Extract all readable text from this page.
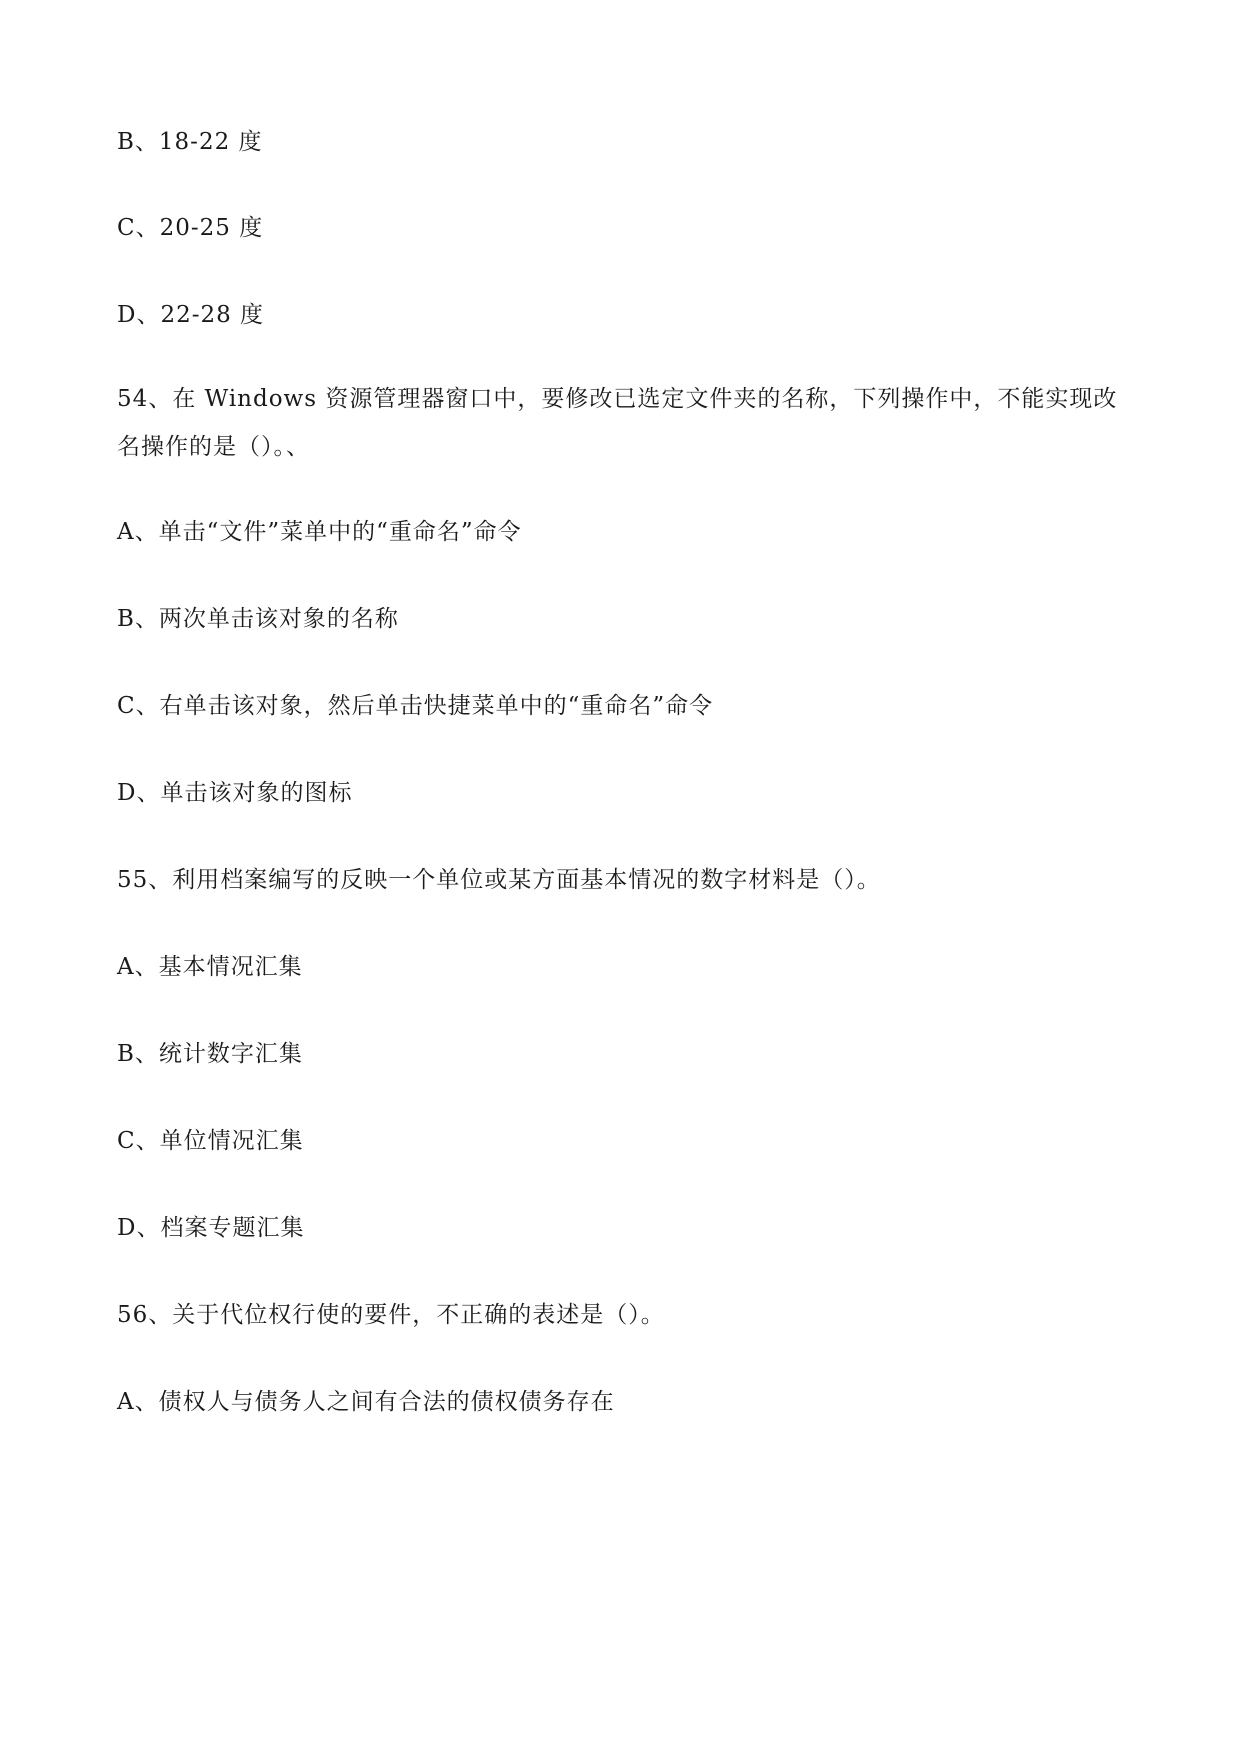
B、18-22 度

C、20-25 度

D、22-28 度

54、在 Windows 资源管理器窗口中，要修改已选定文件夹的名称，下列操作中，不能实现改名操作的是（）。、

A、单击“文件”菜单中的“重命名”命令

B、两次单击该对象的名称

C、右单击该对象，然后单击快捷菜单中的“重命名”命令

D、单击该对象的图标

55、利用档案编写的反映一个单位或某方面基本情况的数字材料是（）。

A、基本情况汇集

B、统计数字汇集

C、单位情况汇集

D、档案专题汇集

56、关于代位权行使的要件，不正确的表述是（）。

A、债权人与债务人之间有合法的债权债务存在
